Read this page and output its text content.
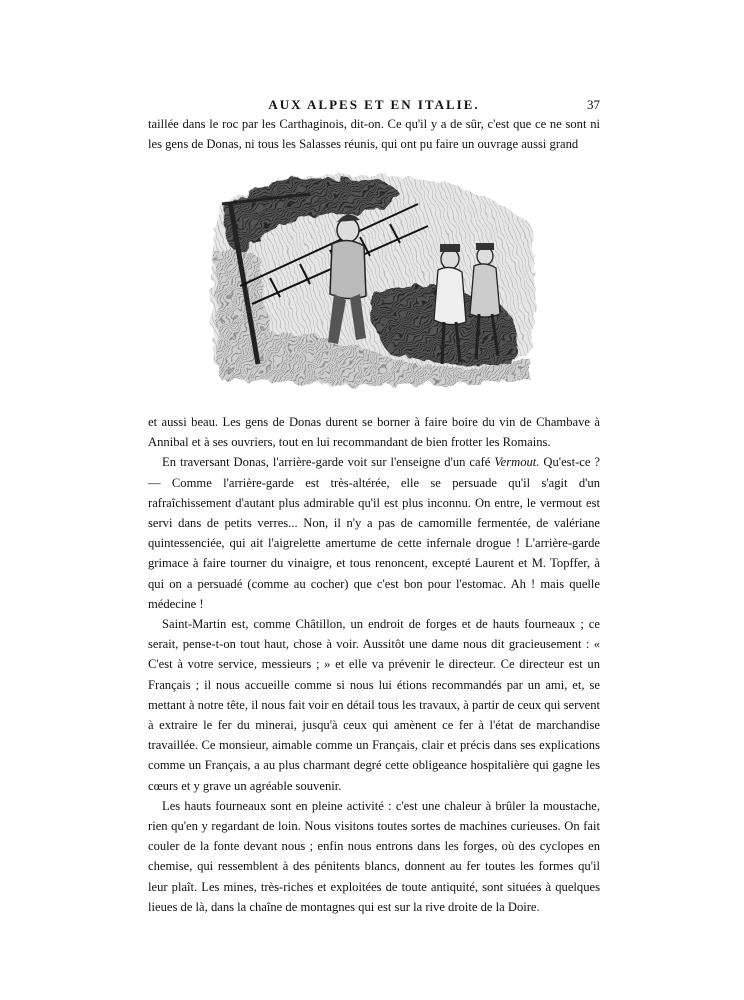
AUX ALPES ET EN ITALIE.	37

taillée dans le roc par les Carthaginois, dit-on. Ce qu'il y a de sûr, c'est que ce ne sont ni les gens de Donas, ni tous les Salasses réunis, qui ont pu faire un ouvrage aussi grand

et aussi beau. Les gens de Donas durent se borner à faire boire du vin de Chambave à Annibal et à ses ouvriers, tout en lui recommandant de bien frotter les Romains.

En traversant Donas, l'arrière-garde voit sur l'enseigne d'un café Vermout. Qu'est-ce ? — Comme l'arrière-garde est très-altérée, elle se persuade qu'il s'agit d'un rafraîchissement d'autant plus admirable qu'il est plus inconnu. On entre, le vermout est servi dans de petits verres... Non, il n'y a pas de camomille fermentée, de valériane quintessenciée, qui ait l'aigrelette amertume de cette infernale drogue ! L'arrière-garde grimace à faire tourner du vinaigre, et tous renoncent, excepté Laurent et M. Topffer, à qui on a persuadé (comme au cocher) que c'est bon pour l'estomac. Ah ! mais quelle médecine !

Saint-Martin est, comme Châtillon, un endroit de forges et de hauts fourneaux ; ce serait, pense-t-on tout haut, chose à voir. Aussitôt une dame nous dit gracieusement : « C'est à votre service, messieurs ; » et elle va prévenir le directeur. Ce directeur est un Français ; il nous accueille comme si nous lui étions recommandés par un ami, et, se mettant à notre tête, il nous fait voir en détail tous les travaux, à partir de ceux qui servent à extraire le fer du minerai, jusqu'à ceux qui amènent ce fer à l'état de marchandise travaillée. Ce monsieur, aimable comme un Français, clair et précis dans ses explications comme un Français, a au plus charmant degré cette obligeance hospitalière qui gagne les cœurs et y grave un agréable souvenir.

Les hauts fourneaux sont en pleine activité : c'est une chaleur à brûler la moustache, rien qu'en y regardant de loin. Nous visitons toutes sortes de machines curieuses. On fait couler de la fonte devant nous ; enfin nous entrons dans les forges, où des cyclopes en chemise, qui ressemblent à des pénitents blancs, donnent au fer toutes les formes qu'il leur plaît. Les mines, très-riches et exploitées de toute antiquité, sont situées à quelques lieues de là, dans la chaîne de montagnes qui est sur la rive droite de la Doire.
